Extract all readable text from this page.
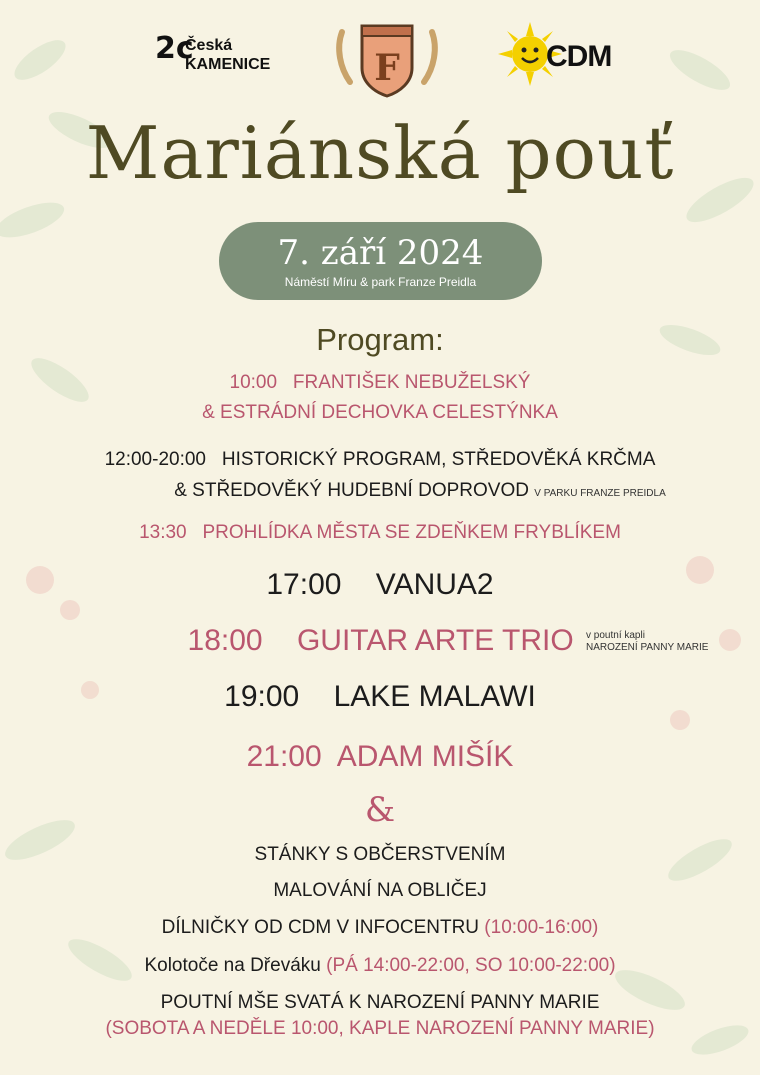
2c
Česká
KAMENICE	F	CDM
Mariánská pouť
7. září 2024
Náměstí Míru & park Franze Preidla
Program:
10:00 FRANTIŠEK NEBUŽELSKÝ
& ESTRÁDNÍ DECHOVKA CELESTÝNKA
12:00-20:00 HISTORICKÝ PROGRAM, STŘEDOVĚKÁ KRČMA
& STŘEDOVĚKÝ HUDEBNÍ DOPROVOD V PARKU FRANZE PREIDLA
13:30 PROHLÍDKA MĚSTA SE ZDEŇKEM FRYBLÍKEM
17:00 VANUA2
18:00 GUITAR ARTE TRIO v poutní kapli
NAROZENÍ PANNY MARIE
19:00 LAKE MALAWI
21:00 ADAM MIŠÍK
&
STÁNKY S OBČERSTVENÍM
MALOVÁNÍ NA OBLIČEJ
DÍLNIČKY OD CDM V INFOCENTRU (10:00-16:00)
Kolotoče na Dřeváku (PÁ 14:00-22:00, SO 10:00-22:00)
POUTNÍ MŠE SVATÁ K NAROZENÍ PANNY MARIE
(SOBOTA A NEDĚLE 10:00, KAPLE NAROZENÍ PANNY MARIE)
